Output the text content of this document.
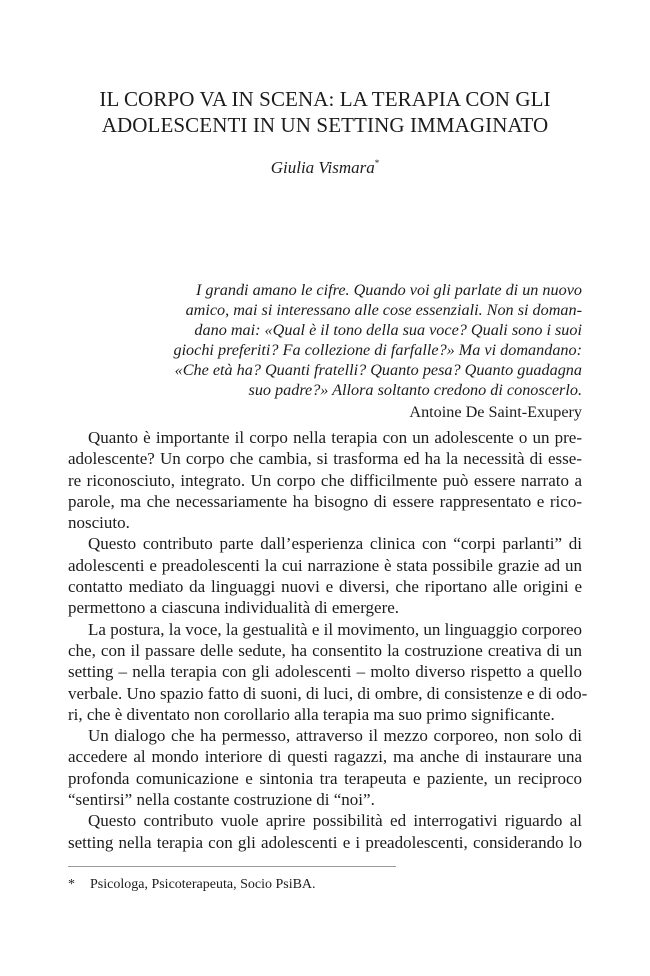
IL CORPO VA IN SCENA: LA TERAPIA CON GLI
ADOLESCENTI IN UN SETTING IMMAGINATO
Giulia Vismara*
I grandi amano le cifre. Quando voi gli parlate di un nuovo
amico, mai si interessano alle cose essenziali. Non si doman-
dano mai: «Qual è il tono della sua voce? Quali sono i suoi
giochi preferiti? Fa collezione di farfalle?» Ma vi domandano:
«Che età ha? Quanti fratelli? Quanto pesa? Quanto guadagna
suo padre?» Allora soltanto credono di conoscerlo.
Antoine De Saint-Exupery

Quanto è importante il corpo nella terapia con un adolescente o un pre-
adolescente? Un corpo che cambia, si trasforma ed ha la necessità di esse-
re riconosciuto, integrato. Un corpo che difficilmente può essere narrato a
parole, ma che necessariamente ha bisogno di essere rappresentato e rico-
nosciuto.

Questo contributo parte dall’esperienza clinica con “corpi parlanti” di
adolescenti e preadolescenti la cui narrazione è stata possibile grazie ad un
contatto mediato da linguaggi nuovi e diversi, che riportano alle origini e
permettono a ciascuna individualità di emergere.

La postura, la voce, la gestualità e il movimento, un linguaggio corporeo
che, con il passare delle sedute, ha consentito la costruzione creativa di un
setting – nella terapia con gli adolescenti – molto diverso rispetto a quello
verbale. Uno spazio fatto di suoni, di luci, di ombre, di consistenze e di odo-
ri, che è diventato non corollario alla terapia ma suo primo significante.

Un dialogo che ha permesso, attraverso il mezzo corporeo, non solo di
accedere al mondo interiore di questi ragazzi, ma anche di instaurare una
profonda comunicazione e sintonia tra terapeuta e paziente, un reciproco
“sentirsi” nella costante costruzione di “noi”.

Questo contributo vuole aprire possibilità ed interrogativi riguardo al
setting nella terapia con gli adolescenti e i preadolescenti, considerando lo

* Psicologa, Psicoterapeuta, Socio PsiBA.
